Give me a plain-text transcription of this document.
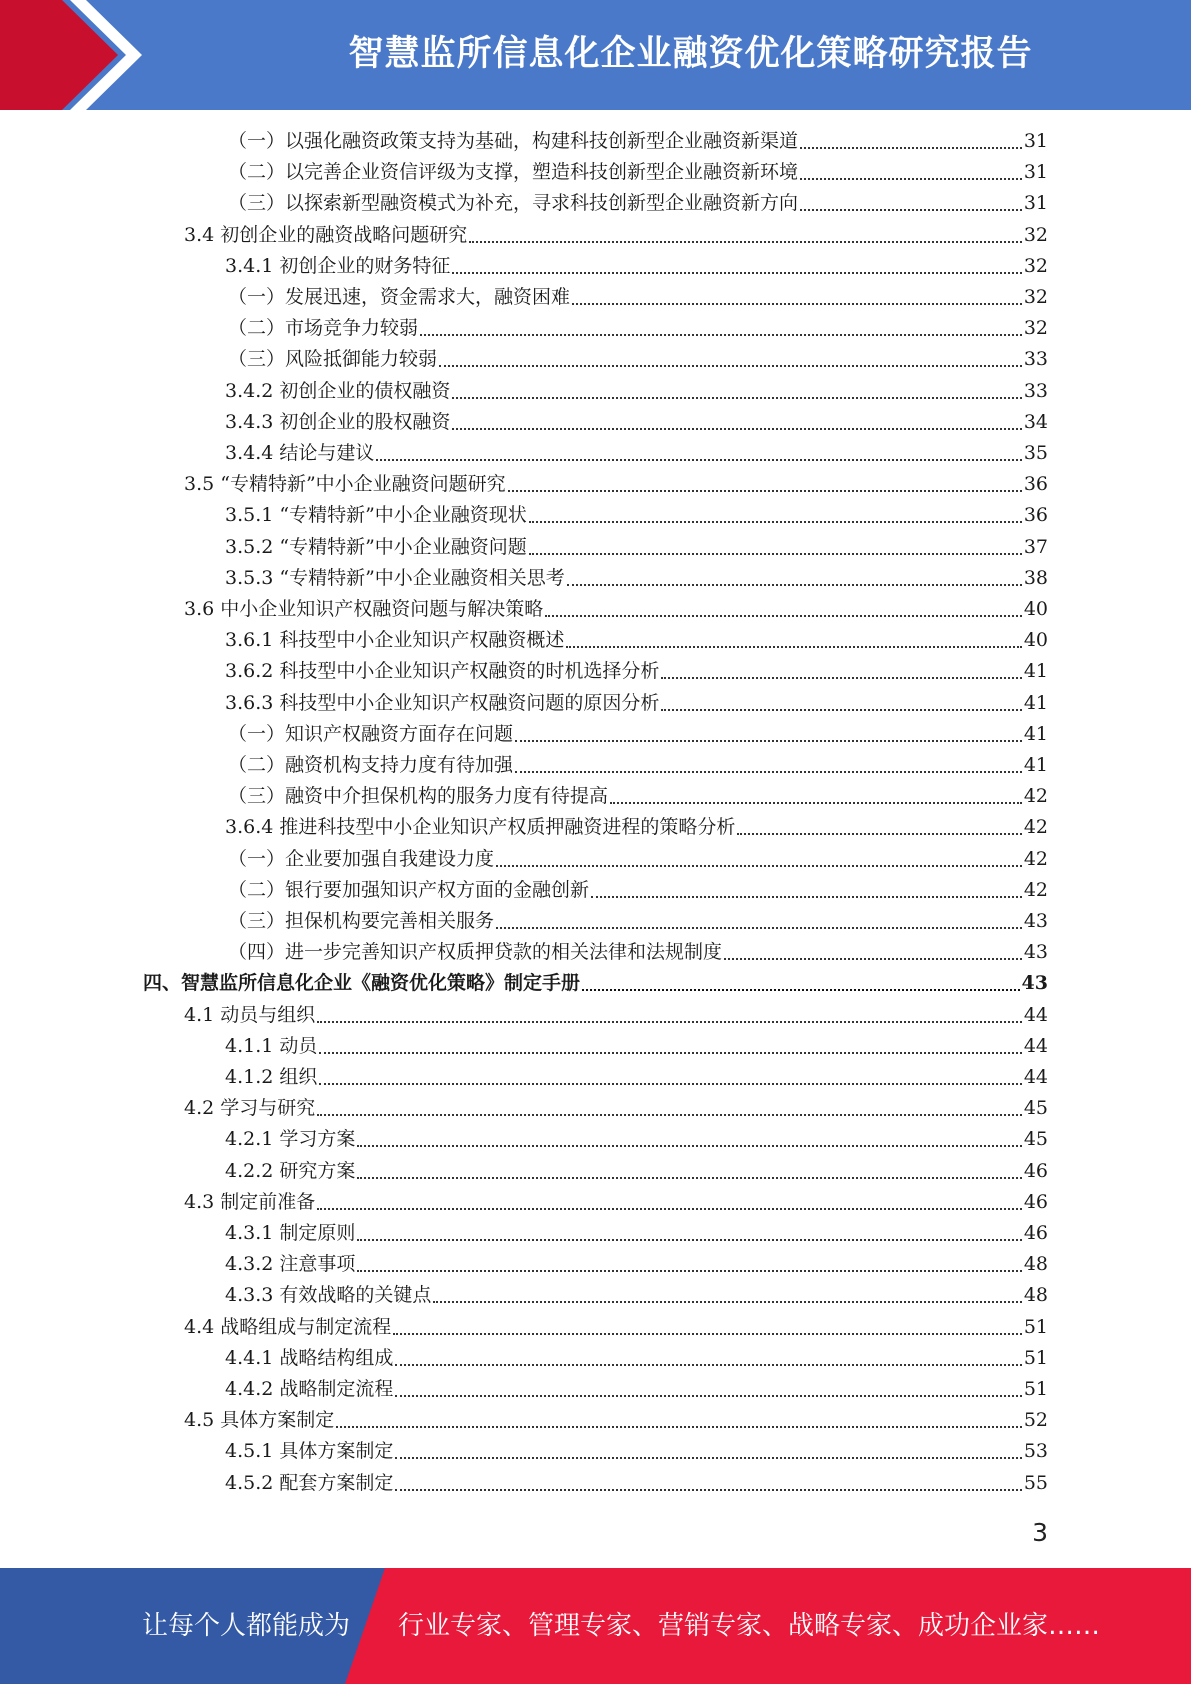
智慧监所信息化企业融资优化策略研究报告
（一）以强化融资政策支持为基础，构建科技创新型企业融资新渠道	31
（二）以完善企业资信评级为支撑，塑造科技创新型企业融资新环境	31
（三）以探索新型融资模式为补充，寻求科技创新型企业融资新方向	31
3.4 初创企业的融资战略问题研究	32
3.4.1 初创企业的财务特征	32
（一）发展迅速，资金需求大，融资困难	32
（二）市场竞争力较弱	32
（三）风险抵御能力较弱	33
3.4.2 初创企业的债权融资	33
3.4.3 初创企业的股权融资	34
3.4.4 结论与建议	35
3.5 “专精特新”中小企业融资问题研究	36
3.5.1 “专精特新”中小企业融资现状	36
3.5.2 “专精特新”中小企业融资问题	37
3.5.3 “专精特新”中小企业融资相关思考	38
3.6 中小企业知识产权融资问题与解决策略	40
3.6.1 科技型中小企业知识产权融资概述	40
3.6.2 科技型中小企业知识产权融资的时机选择分析	41
3.6.3 科技型中小企业知识产权融资问题的原因分析	41
（一）知识产权融资方面存在问题	41
（二）融资机构支持力度有待加强	41
（三）融资中介担保机构的服务力度有待提高	42
3.6.4 推进科技型中小企业知识产权质押融资进程的策略分析	42
（一）企业要加强自我建设力度	42
（二）银行要加强知识产权方面的金融创新	42
（三）担保机构要完善相关服务	43
（四）进一步完善知识产权质押贷款的相关法律和法规制度	43
四、智慧监所信息化企业《融资优化策略》制定手册	43
4.1 动员与组织	44
4.1.1 动员	44
4.1.2 组织	44
4.2 学习与研究	45
4.2.1 学习方案	45
4.2.2 研究方案	46
4.3 制定前准备	46
4.3.1 制定原则	46
4.3.2 注意事项	48
4.3.3 有效战略的关键点	48
4.4 战略组成与制定流程	51
4.4.1 战略结构组成	51
4.4.2 战略制定流程	51
4.5 具体方案制定	52
4.5.1 具体方案制定	53
4.5.2 配套方案制定	55
3
让每个人都能成为 行业专家、管理专家、营销专家、战略专家、成功企业家……
